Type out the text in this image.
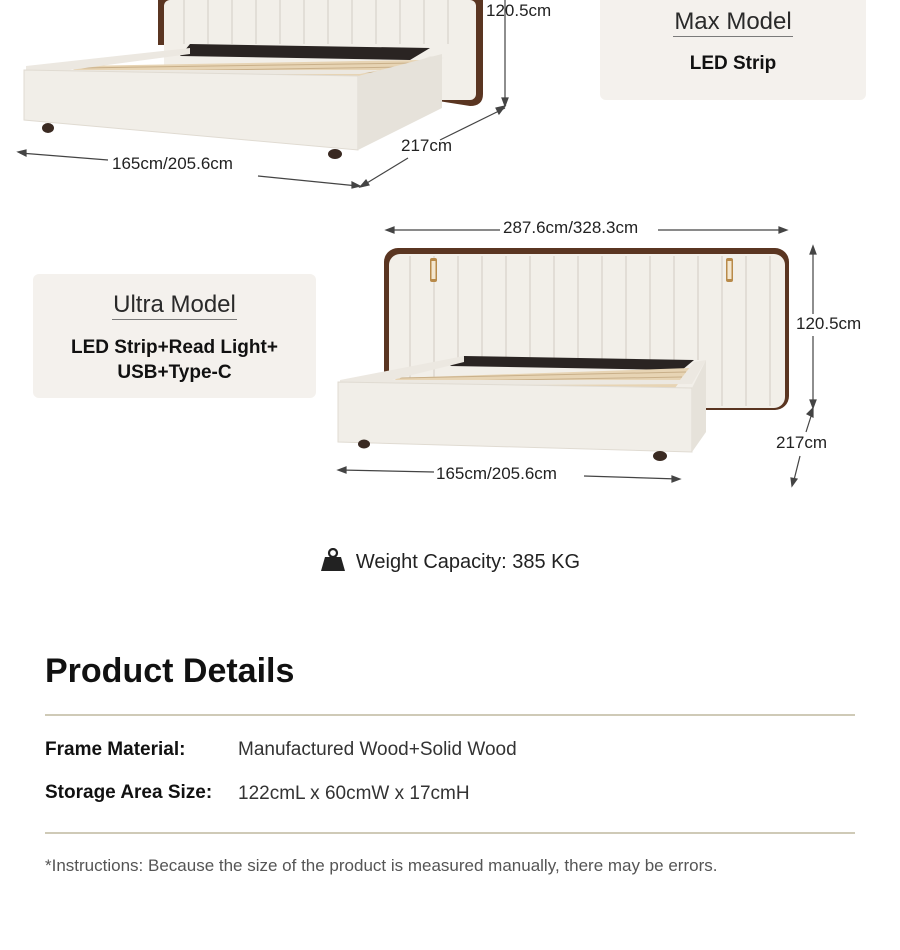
120.5cm
217cm
165cm/205.6cm
Max Model
LED Strip
Ultra Model
LED Strip+Read Light+
USB+Type-C
287.6cm/328.3cm
120.5cm
217cm
165cm/205.6cm
Weight Capacity: 385 KG
Product Details
Frame Material:	Manufactured Wood+Solid Wood
Storage Area Size: 122cmL x 60cmW x 17cmH
*Instructions: Because the size of the product is measured manually, there may be errors.
